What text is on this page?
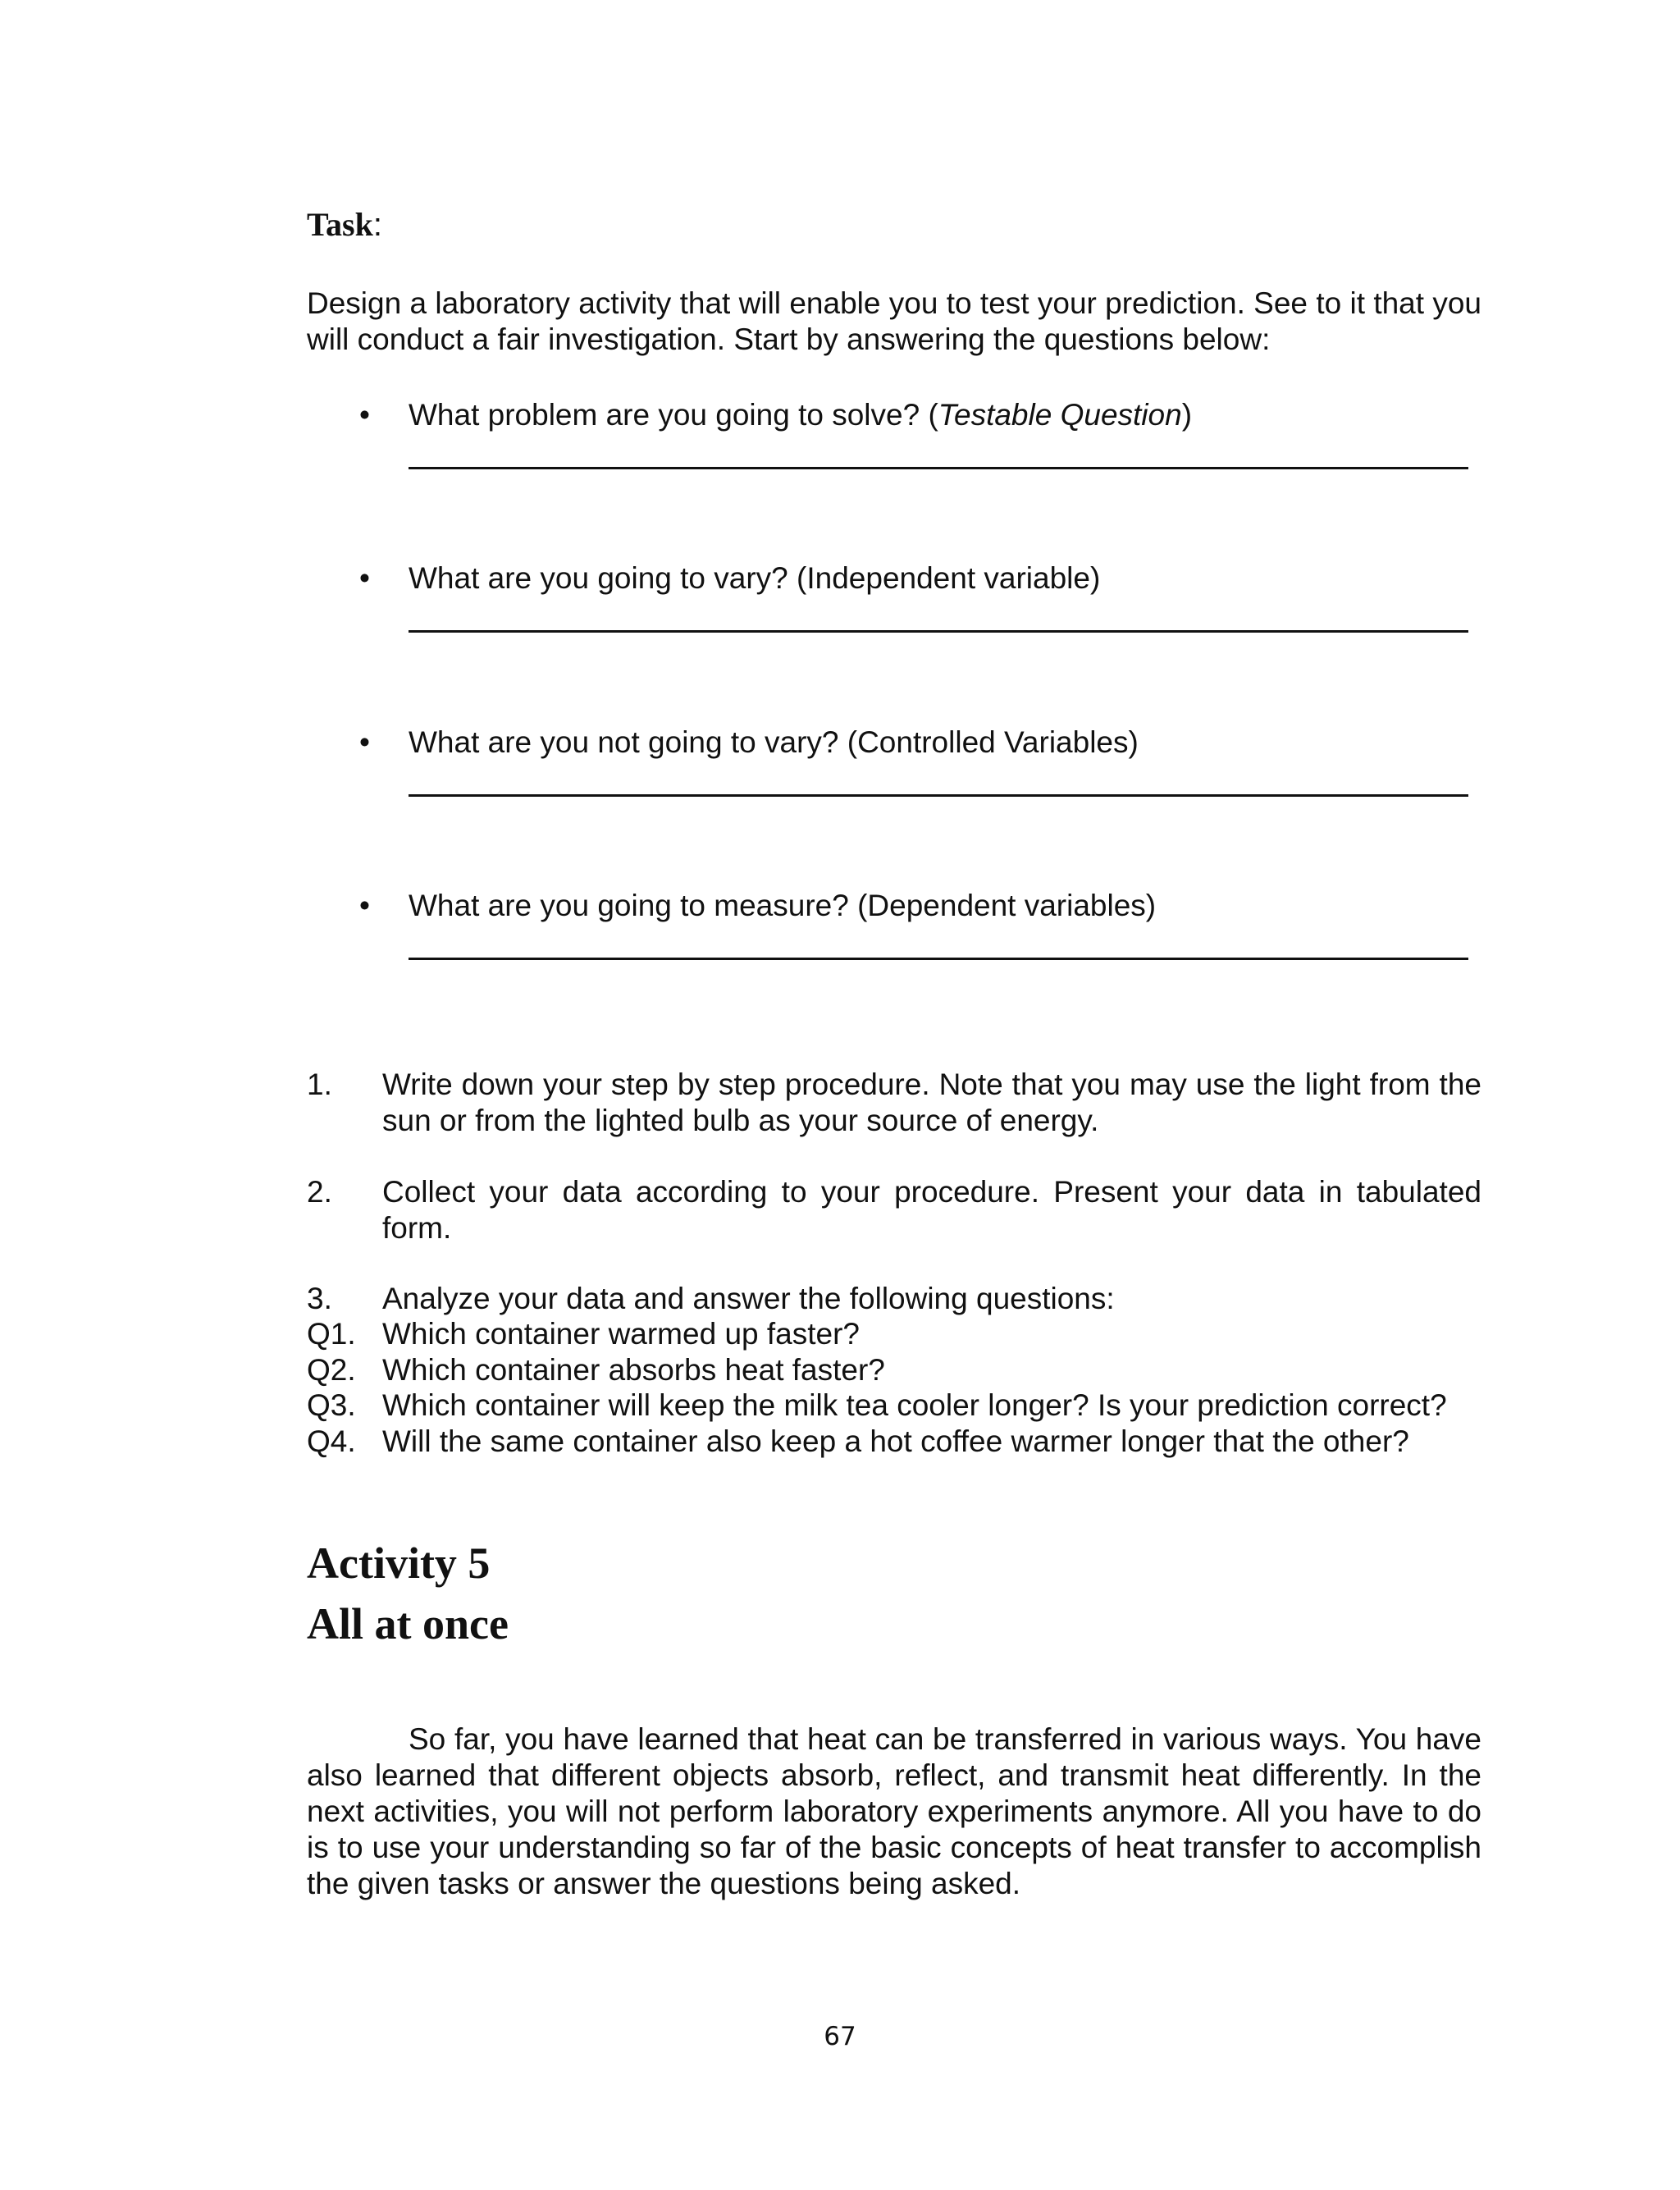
Task:
Design a laboratory activity that will enable you to test your prediction. See to it that you will conduct a fair investigation. Start by answering the questions below:
• What problem are you going to solve? (Testable Question)
• What are you going to vary? (Independent variable)
• What are you not going to vary? (Controlled Variables)
• What are you going to measure? (Dependent variables)
1.	Write down your step by step procedure. Note that you may use the light from the sun or from the lighted bulb as your source of energy.
2.	Collect your data according to your procedure. Present your data in tabulated form.
3.	Analyze your data and answer the following questions:
Q1. Which container warmed up faster?
Q2. Which container absorbs heat faster?
Q3. Which container will keep the milk tea cooler longer? Is your prediction correct?
Q4. Will the same container also keep a hot coffee warmer longer that the other?
Activity 5
All at once
So far, you have learned that heat can be transferred in various ways. You have also learned that different objects absorb, reflect, and transmit heat differently. In the next activities, you will not perform laboratory experiments anymore. All you have to do is to use your understanding so far of the basic concepts of heat transfer to accomplish the given tasks or answer the questions being asked.
67
